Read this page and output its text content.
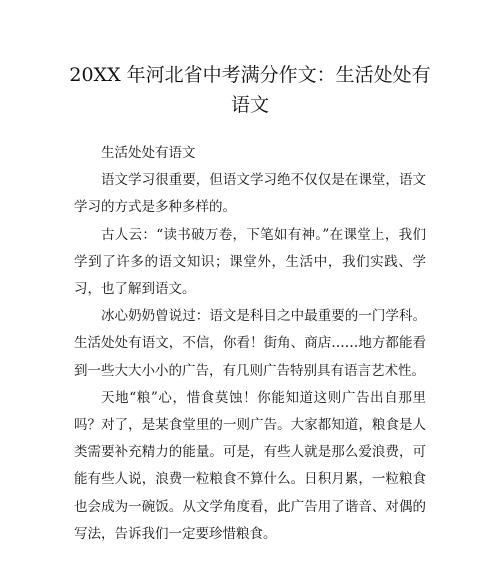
20XX 年河北省中考满分作文：生活处处有
语文

生活处处有语文

语文学习很重要，但语文学习绝不仅仅是在课堂，语文学习的方式是多种多样的。

古人云：“读书破万卷，下笔如有神。”在课堂上，我们学到了许多的语文知识；课堂外，生活中，我们实践、学习，也了解到语文。

冰心奶奶曾说过：语文是科目之中最重要的一门学科。生活处处有语文，不信，你看！街角、商店……地方都能看到一些大大小小的广告，有几则广告特别具有语言艺术性。

天地“粮”心，惜食莫蚀！你能知道这则广告出自那里吗？对了，是某食堂里的一则广告。大家都知道，粮食是人类需要补充精力的能量。可是，有些人就是那么爱浪费，可能有些人说，浪费一粒粮食不算什么。日积月累，一粒粮食也会成为一碗饭。从文学角度看，此广告用了谐音、对偶的写法，告诉我们一定要珍惜粮食。
